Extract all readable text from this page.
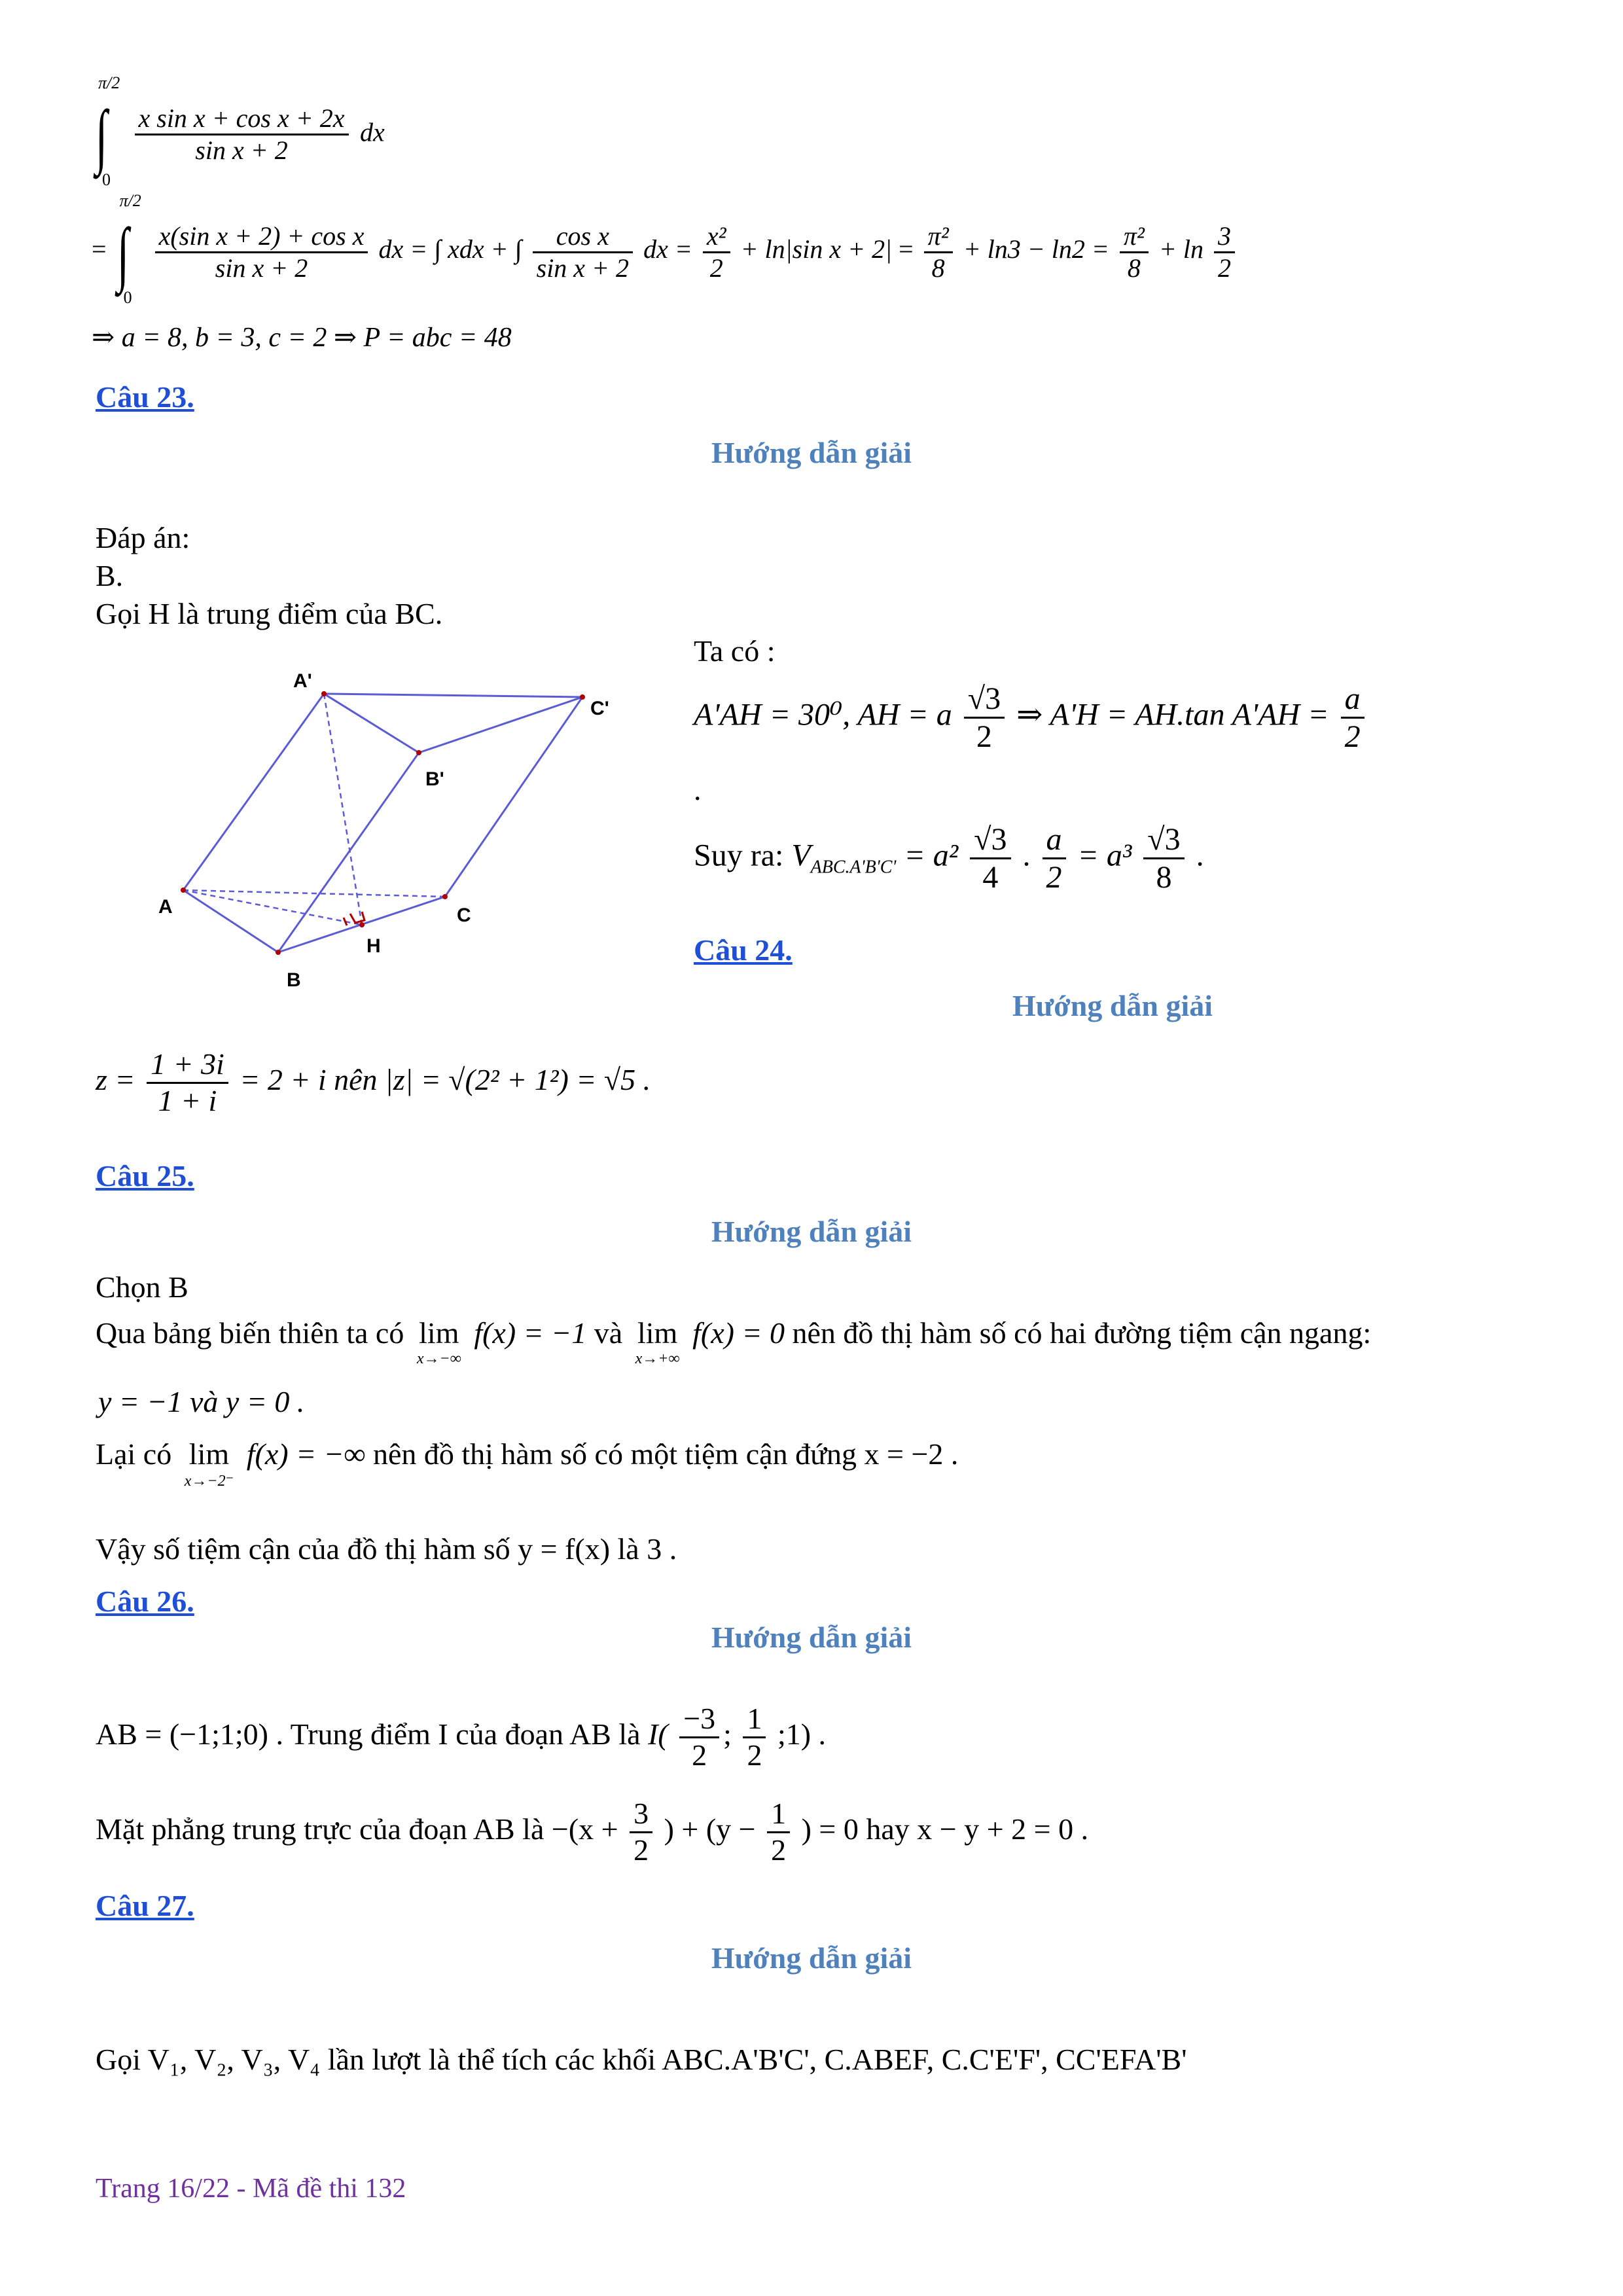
π/2
∫
0

$\frac{\text{x sin x + cos x + 2x}}{\text{sin x + 2}}$ dx
=
π/2
∫
0

$\frac{\text{x(sin x + 2) + cos x}}{\text{sin x + 2}}$ dx = ∫ xdx + ∫ $\frac{\text{cos x}}{\text{sin x + 2}}$ dx = $\frac{\text{x²}}{2} + \ln|\sin$ $x + 2| = \frac{\text{π²}}{8} + \ln 3 - \ln 2 = \frac{\text{π²}}{8} + \ln \frac{3}{2}$
⇒ a = 8, b = 3, c = 2 ⇒ P = abc = 48
Câu 23.
Hướng dẫn giải
Đáp án:
B.
Gọi H là trung điểm của BC.
A'
C'
B'
A	C
H
B
Ta có :
A'AH = 30⁰, AH = a $\frac{√3}{2}$ ⇒ A'H = AH.tan $A'AH = \frac{a}{2}$
.
Suy ra: $V_{ABC.A'B'C'} = a^2 \frac{√3}{4}$ . $\frac{a}{2} = a^3 \frac{√3}{8}$ .
Câu 24.
Hướng dẫn giải
$z = \frac{1 + 3i}{1 + i} = 2 + i$ nên |z| = √(2² + 1²) = √5 .
Câu 25.
Hướng dẫn giải
Chọn B
Qua bảng biến thiên ta có lim
x→−∞
f(x) = −1 và lim
x→+∞
f(x) = 0 nên đồ thị hàm số có hai đường tiệm cận ngang:
y = −1 và y = 0 .
Lại có lim
x→−2⁻
f(x) = −∞ nên đồ thị hàm số có một tiệm cận đứng x = −2 .
Vậy số tiệm cận của đồ thị hàm số y = f(x) là 3 .
Câu 26.
Hướng dẫn giải
AB = (−1;1;0) . Trung điểm I của đoạn AB là $I( \frac{-3}{2}$ ; $\frac{1}{2}$ ;1) .
Mặt phẳng trung trực của đoạn AB là $-(x + \frac{3}{2}$ ) + ($y - \frac{1}{2}$ ) = 0 hay x − y + 2 = 0 .
Câu 27.
Hướng dẫn giải
Gọi V₁, V₂, V₃, V₄ lần lượt là thể tích các khối ABC.A'B'C', C.ABEF, C.C'E'F', CC'EFA'B'
Trang 16/22 - Mã đề thi 132
